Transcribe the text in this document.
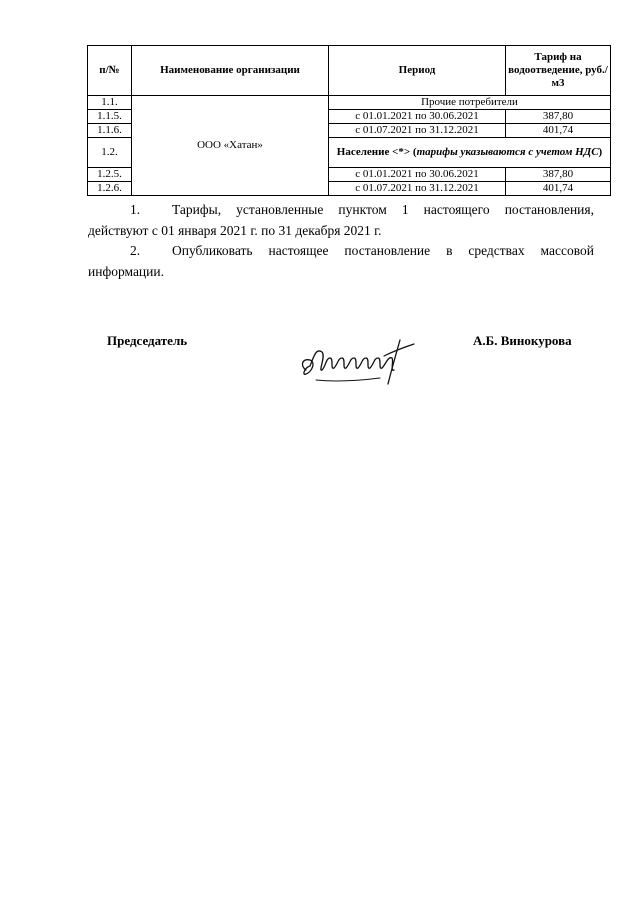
п/№	Наименование организации	Период	Тариф на водоотведение, руб./м3
1.1.	ООО «Хатан»	Прочие потребители	
1.1.5.		с 01.01.2021 по 30.06.2021	387,80
1.1.6.		с 01.07.2021 по 31.12.2021	401,74
1.2.		Население <*> (тарифы указываются с учетом НДС)	
1.2.5.		с 01.01.2021 по 30.06.2021	387,80
1.2.6.		с 01.07.2021 по 31.12.2021	401,74
1. Тарифы, установленные пунктом 1 настоящего постановления, действуют с 01 января 2021 г. по 31 декабря 2021 г.
2. Опубликовать настоящее постановление в средствах массовой информации.
Председатель	А.Б. Винокурова
